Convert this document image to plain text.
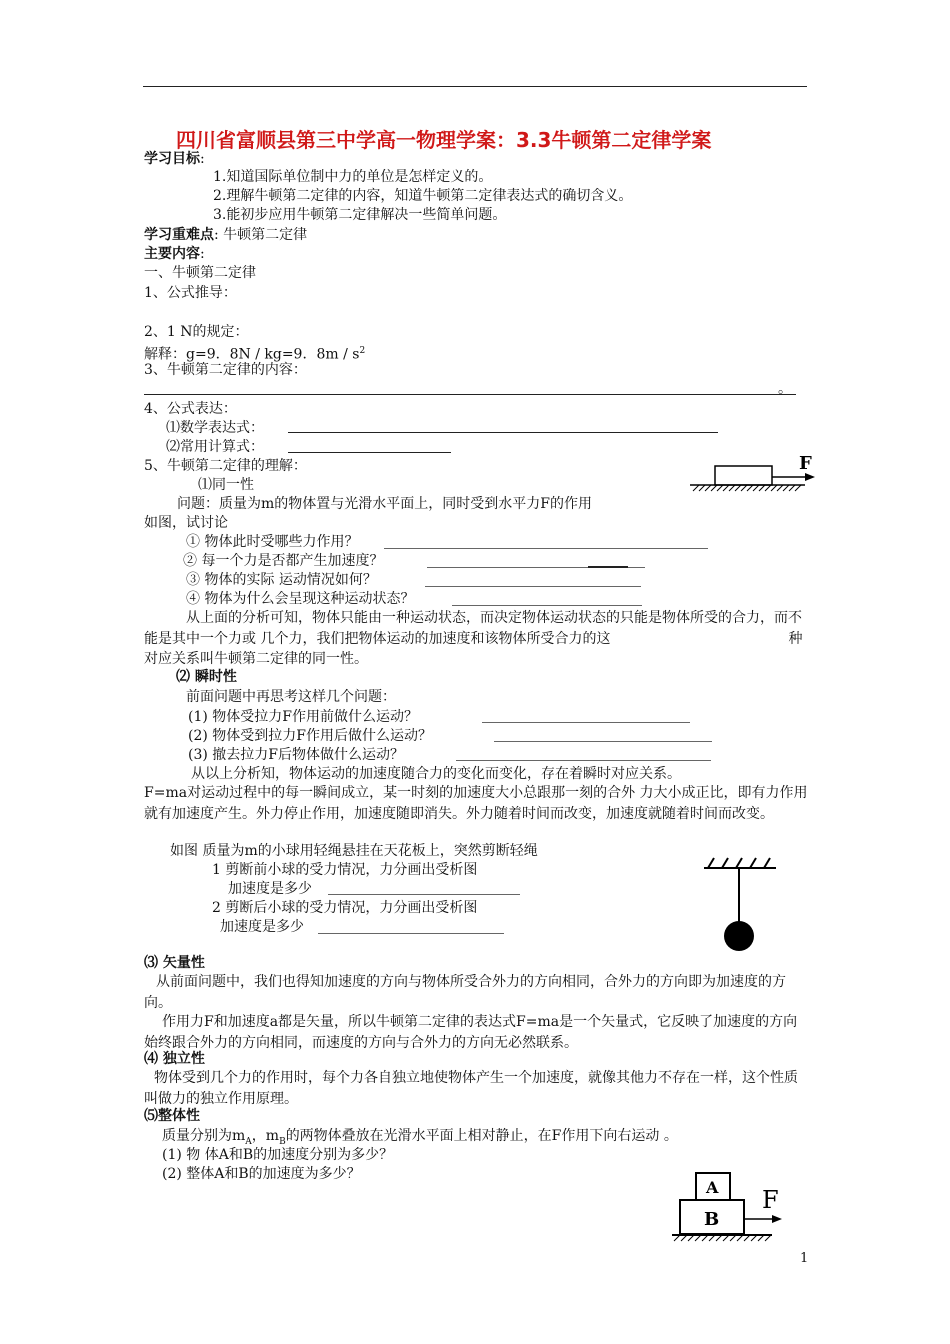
四川省富顺县第三中学高一物理学案：3.3牛顿第二定律学案
学习目标:
1.知道国际单位制中力的单位是怎样定义的。
2.理解牛顿第二定律的内容，知道牛顿第二定律表达式的确切含义。
3.能初步应用牛顿第二定律解决一些简单问题。
学习重难点: 牛顿第二定律
主要内容:
一、牛顿第二定律
1、公式推导：
2、1 N的规定：
解释：g=9．8N / kg=9．$8m / s^2$
3、牛顿第二定律的内容：
。
4、公式表达：
⑴数学表达式：
⑵常用计算式：
5、牛顿第二定律的理解：	F
⑴同一性
问题：质量为m的物体置与光滑水平面上，同时受到水平力F的作用
如图，试讨论
① 物体此时受哪些力作用？
② 每一个力是否都产生加速度？
③ 物体的实际 运动情况如何？
④ 物体为什么会呈现这种运动状态？
从上面的分析可知，物体只能由一种运动状态，而决定物体运动状态的只能是物体所受的合力，而不能是其中一个力或 几个力，我们把物体运动的加速度和该物体所受合力的这	种对应关系叫牛顿第二定律的同一性。
⑵ 瞬时性
前面问题中再思考这样几个问题：
(1) 物体受拉力F作用前做什么运动？
(2) 物体受到拉力F作用后做什么运动？
(3) 撤去拉力F后物体做什么运动？
从以上分析知，物体运动的加速度随合力的变化而变化，存在着瞬时对应关系。
F=ma对运动过程中的每一瞬间成立，某一时刻的加速度大小总跟那一刻的合外 力大小成正比，即有力作用就有加速度产生。外力停止作用，加速度随即消失。外力随着时间而改变，加速度就随着时间而改变。
如图 质量为m的小球用轻绳悬挂在天花板上，突然剪断轻绳
1 剪断前小球的受力情况，力分画出受析图
加速度是多少
2 剪断后小球的受力情况，力分画出受析图
加速度是多少
⑶ 矢量性
从前面问题中，我们也得知加速度的方向与物体所受合外力的方向相同，合外力的方向即为加速度的方向。
作用力F和加速度a都是矢量，所以牛顿第二定律的表达式F=ma是一个矢量式，它反映了加速度的方向始终跟合外力的方向相同，而速度的方向与合外力的方向无必然联系。
⑷ 独立性
物体受到几个力的作用时，每个力各自独立地使物体产生一个加速度，就像其他力不存在一样，这个性质叫做力的独立作用原理。
⑸整体性
质量分别为$m_A$，$m_B$的两物体叠放在光滑水平面上相对静止，在F作用下向右运动 。
(1) 物 体A和B的加速度分别为多少？
(2) 整体A和B的加速度为多少？
A
B
F
1
